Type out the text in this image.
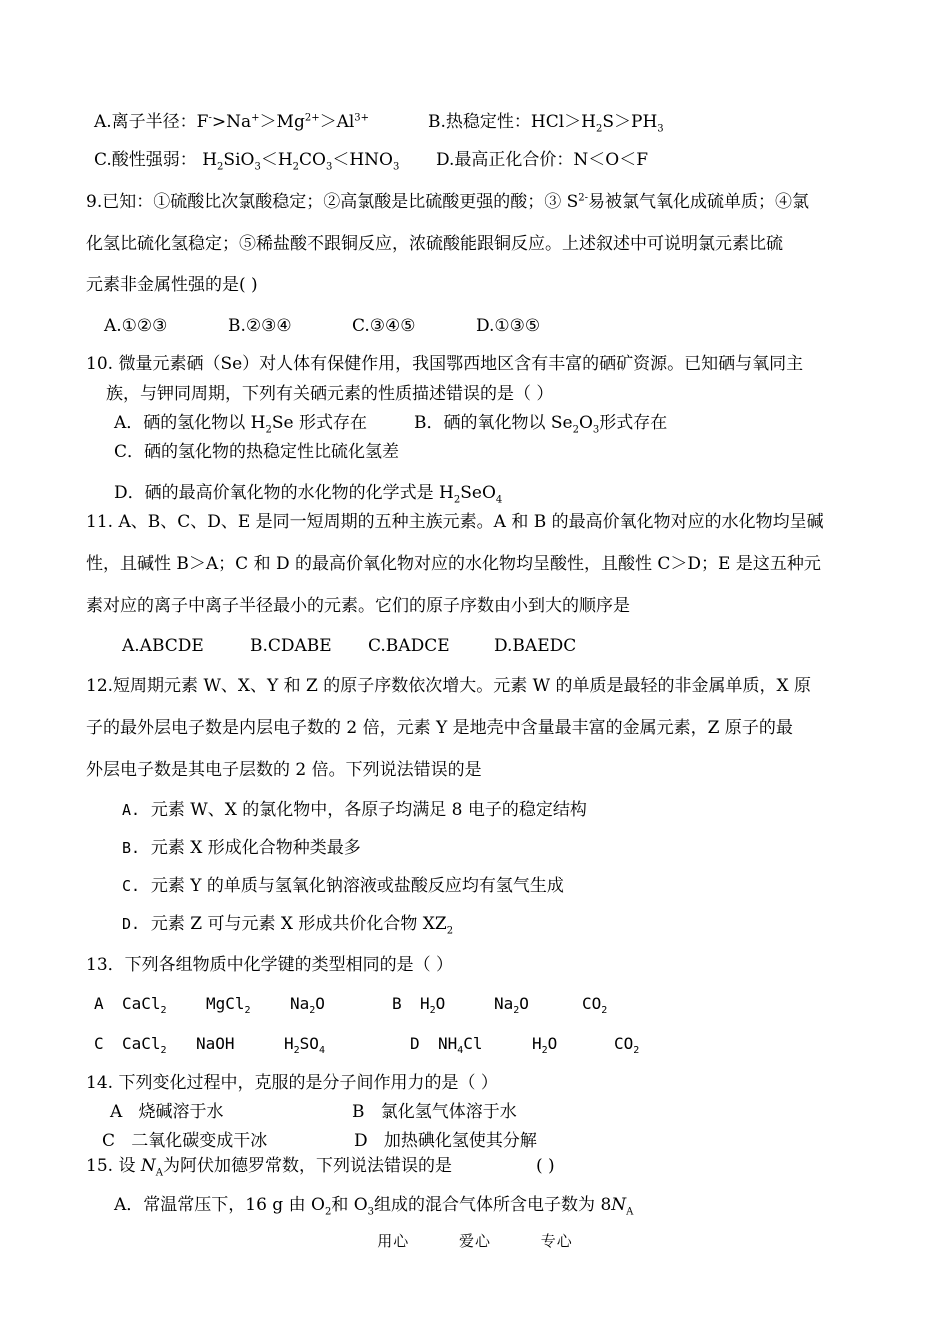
A.离子半径：$F^->Na^+>Mg^{2+}>Al^{3+}$	B.热稳定性：$HCl>H_2S>PH_3$
C.酸性强弱： $H_2SiO_3<H_2CO_3<HNO_3$ D.最高正化合价：N＜O＜F
9.已知：①硫酸比次氯酸稳定；②高氯酸是比硫酸更强的酸；③ $S^{2-}$易被氯气氧化成硫单质；④氯
化氢比硫化氢稳定；⑤稀盐酸不跟铜反应，浓硫酸能跟铜反应。上述叙述中可说明氯元素比硫
元素非金属性强的是( )
A.①②③	B.②③④	C.③④⑤	D.①③⑤
10. 微量元素硒（Se）对人体有保健作用，我国鄂西地区含有丰富的硒矿资源。已知硒与氧同主
族，与钾同周期，下列有关硒元素的性质描述错误的是（ ）
A．硒的氢化物以 $H_2Se$ 形式存在	B．硒的氧化物以 $Se_2O_3$形式存在
C．硒的氢化物的热稳定性比硫化氢差
D．硒的最高价氧化物的水化物的化学式是 $H_2SeO_4$
11. A、B、C、D、E 是同一短周期的五种主族元素。A 和 B 的最高价氧化物对应的水化物均呈碱
性，且碱性 B＞A；C 和 D 的最高价氧化物对应的水化物均呈酸性，且酸性 C＞D；E 是这五种元
素对应的离子中离子半径最小的元素。它们的原子序数由小到大的顺序是
A.ABCDE	B.CDABE C.BADCE	D.BAEDC
12.短周期元素 W、X、Y 和 Z 的原子序数依次增大。元素 W 的单质是最轻的非金属单质，X 原
子的最外层电子数是内层电子数的 2 倍，元素 Y 是地壳中含量最丰富的金属元素，Z 原子的最
外层电子数是其电子层数的 2 倍。下列说法错误的是
A. 元素 W、X 的氯化物中，各原子均满足 8 电子的稳定结构
B. 元素 X 形成化合物种类最多
C. 元素 Y 的单质与氢氧化钠溶液或盐酸反应均有氢气生成
D. 元素 Z 可与元素 X 形成共价化合物 $XZ_2$
13．下列各组物质中化学键的类型相同的是（ ）
A CaCl$_2$ MgCl$_2$ $Na_2O$	B $H_2O$	$Na_2O$	$CO_2$
C CaCl$_2$ NaOH	$H_2SO_4$	D $NH_4Cl$	$H_2O$	$CO_2$
14. 下列变化过程中，克服的是分子间作用力的是（ ）
A 烧碱溶于水	B 氯化氢气体溶于水
C 二氧化碳变成干冰	D 加热碘化氢使其分解
15. 设 $N_A$为阿伏加德罗常数，下列说法错误的是	( )
A．常温常压下，16 g 由 $O_2$和 $O_3$组成的混合气体所含电子数为 $8N_A$
用心	爱心	专心
